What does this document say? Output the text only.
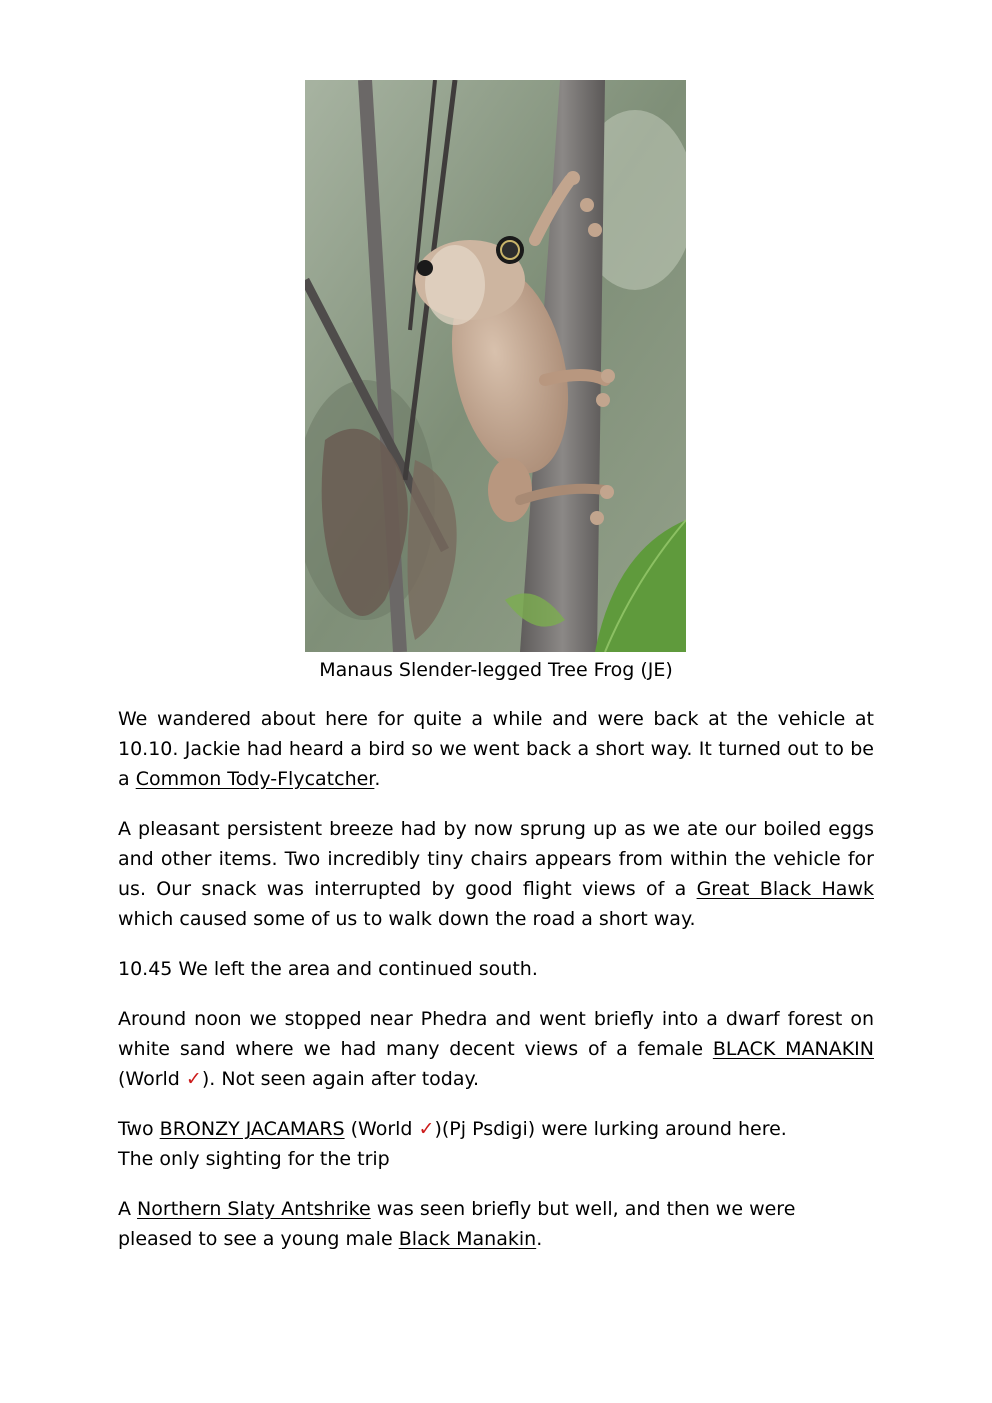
Manaus Slender-legged Tree Frog (JE)

We wandered about here for quite a while and were back at the vehicle at 10.10. Jackie had heard a bird so we went back a short way. It turned out to be a Common Tody-Flycatcher.

A pleasant persistent breeze had by now sprung up as we ate our boiled eggs and other items. Two incredibly tiny chairs appears from within the vehicle for us. Our snack was interrupted by good flight views of a Great Black Hawk which caused some of us to walk down the road a short way.

10.45 We left the area and continued south.

Around noon we stopped near Phedra and went briefly into a dwarf forest on white sand where we had many decent views of a female BLACK MANAKIN (World ✓). Not seen again after today.

Two BRONZY JACAMARS (World ✓)(Pj Psdigi) were lurking around here.
The only sighting for the trip

A Northern Slaty Antshrike was seen briefly but well, and then we were pleased to see a young male Black Manakin.
